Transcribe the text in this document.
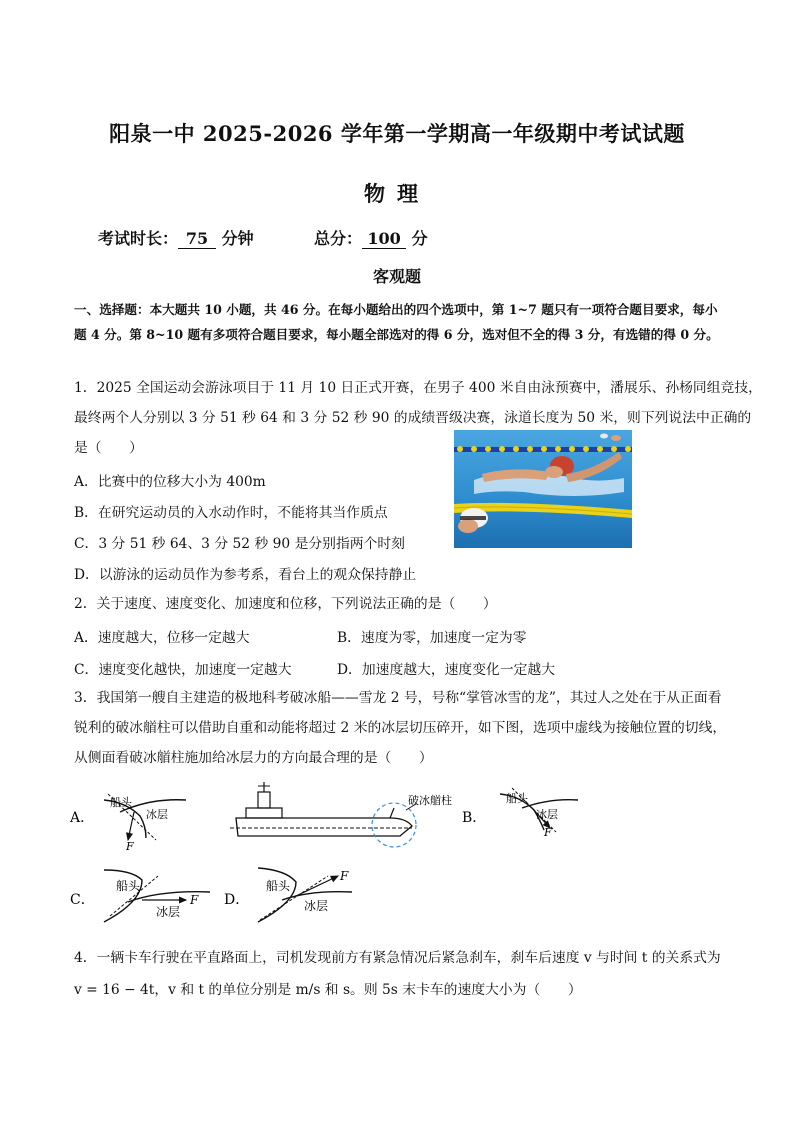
阳泉一中 2025-2026 学年第一学期高一年级期中考试试题
物理
考试时长： 75 分钟	总分： 100 分
客观题
一、选择题：本大题共 10 小题，共 46 分。在每小题给出的四个选项中，第 1~7 题只有一项符合题目要求，每小题 4 分。第 8~10 题有多项符合题目要求，每小题全部选对的得 6 分，选对但不全的得 3 分，有选错的得 0 分。
1．2025 全国运动会游泳项目于 11 月 10 日正式开赛，在男子 400 米自由泳预赛中，潘展乐、孙杨同组竞技，
最终两个人分别以 3 分 51 秒 64 和 3 分 52 秒 90 的成绩晋级决赛，泳道长度为 50 米，则下列说法中正确的
是（　　）
A．比赛中的位移大小为 400m
B．在研究运动员的入水动作时，不能将其当作质点
C．3 分 51 秒 64、3 分 52 秒 90 是分别指两个时刻
D．以游泳的运动员作为参考系，看台上的观众保持静止
2．关于速度、速度变化、加速度和位移，下列说法正确的是（　　）
A．速度越大，位移一定越大	B．速度为零，加速度一定为零
C．速度变化越快，加速度一定越大	D．加速度越大，速度变化一定越大
3．我国第一艘自主建造的极地科考破冰船——雪龙 2 号，号称“掌管冰雪的龙”，其过人之处在于从正面看
锐利的破冰艏柱可以借助自重和动能将超过 2 米的冰层切压碎开，如下图，选项中虚线为接触位置的切线，
从侧面看破冰艏柱施加给冰层力的方向最合理的是（　　）
A．
船头
冰层
F
破冰艏柱
B．
船头
冰层
F
C．
船头
冰层
F D．
船头
冰层
F
4．一辆卡车行驶在平直路面上，司机发现前方有紧急情况后紧急刹车，刹车后速度 v 与时间 t 的关系式为
v = 16 − 4t，v 和 t 的单位分别是 m/s 和 s。则 5s 末卡车的速度大小为（　　）
